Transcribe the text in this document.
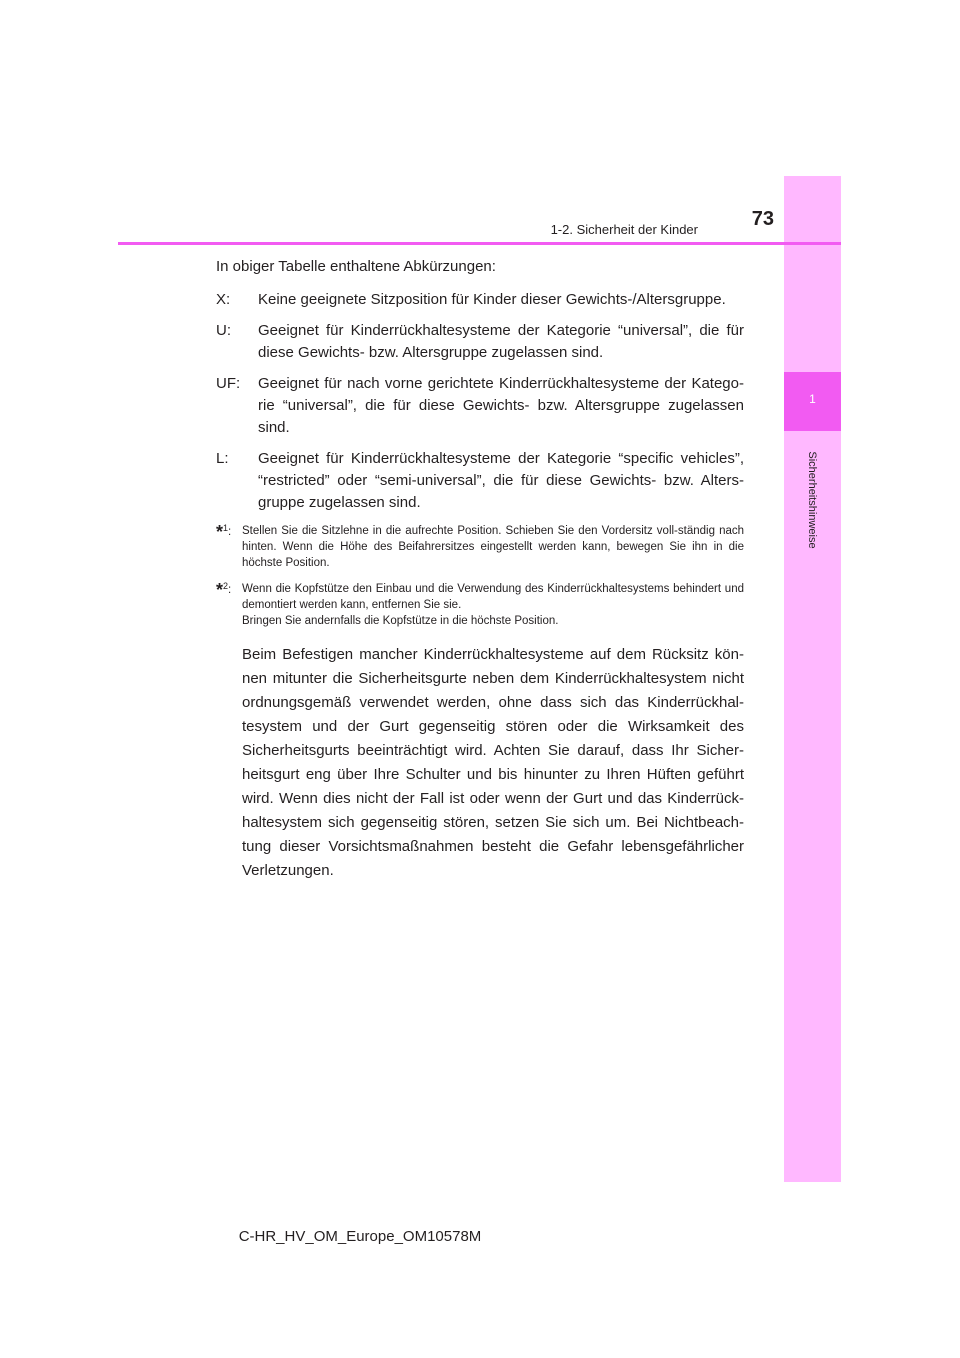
1
Sicherheitshinweise
1-2. Sicherheit der Kinder	73

In obiger Tabelle enthaltene Abkürzungen:

X: Keine geeignete Sitzposition für Kinder dieser Gewichts-/Altersgruppe.
U: Geeignet für Kinderrückhaltesysteme der Kategorie “universal”, die für diese Gewichts- bzw. Altersgruppe zugelassen sind.
UF: Geeignet für nach vorne gerichtete Kinderrückhaltesysteme der Katego-rie “universal”, die für diese Gewichts- bzw. Altersgruppe zugelassen sind.
L: Geeignet für Kinderrückhaltesysteme der Kategorie “specific vehicles”, “restricted” oder “semi-universal”, die für diese Gewichts- bzw. Alters-gruppe zugelassen sind.
*$^1$: Stellen Sie die Sitzlehne in die aufrechte Position. Schieben Sie den Vordersitz voll-ständig nach hinten. Wenn die Höhe des Beifahrersitzes eingestellt werden kann, bewegen Sie ihn in die höchste Position.
*$^2$: Wenn die Kopfstütze den Einbau und die Verwendung des Kinderrückhaltesystems behindert und demontiert werden kann, entfernen Sie sie.
Bringen Sie andernfalls die Kopfstütze in die höchste Position.

Beim Befestigen mancher Kinderrückhaltesysteme auf dem Rücksitz kön-nen mitunter die Sicherheitsgurte neben dem Kinderrückhaltesystem nicht ordnungsgemäß verwendet werden, ohne dass sich das Kinderrückhal-tesystem und der Gurt gegenseitig stören oder die Wirksamkeit des Sicherheitsgurts beeinträchtigt wird. Achten Sie darauf, dass Ihr Sicher-heitsgurt eng über Ihre Schulter und bis hinunter zu Ihren Hüften geführt wird. Wenn dies nicht der Fall ist oder wenn der Gurt und das Kinderrück-haltesystem sich gegenseitig stören, setzen Sie sich um. Bei Nichtbeach-tung dieser Vorsichtsmaßnahmen besteht die Gefahr lebensgefährlicher Verletzungen.

C-HR_HV_OM_Europe_OM10578M
